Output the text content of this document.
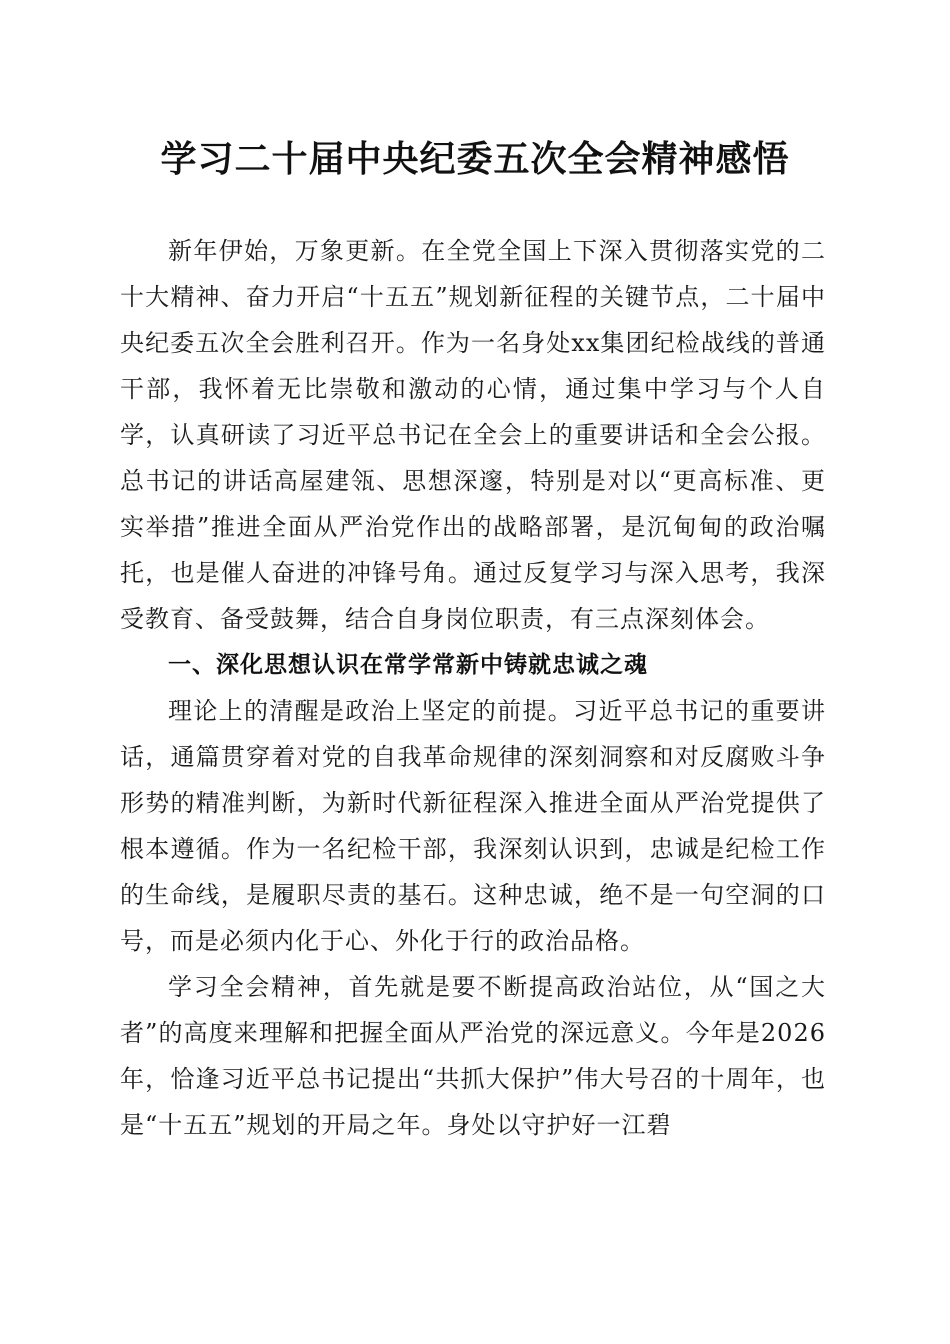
学习二十届中央纪委五次全会精神感悟

新年伊始，万象更新。在全党全国上下深入贯彻落实党的二十大精神、奋力开启“十五五”规划新征程的关键节点，二十届中央纪委五次全会胜利召开。作为一名身处xx集团纪检战线的普通干部，我怀着无比崇敬和激动的心情，通过集中学习与个人自学，认真研读了习近平总书记在全会上的重要讲话和全会公报。总书记的讲话高屋建瓴、思想深邃，特别是对以“更高标准、更实举措”推进全面从严治党作出的战略部署，是沉甸甸的政治嘱托，也是催人奋进的冲锋号角。通过反复学习与深入思考，我深受教育、备受鼓舞，结合自身岗位职责，有三点深刻体会。

一、深化思想认识在常学常新中铸就忠诚之魂

理论上的清醒是政治上坚定的前提。习近平总书记的重要讲话，通篇贯穿着对党的自我革命规律的深刻洞察和对反腐败斗争形势的精准判断，为新时代新征程深入推进全面从严治党提供了根本遵循。作为一名纪检干部，我深刻认识到，忠诚是纪检工作的生命线，是履职尽责的基石。这种忠诚，绝不是一句空洞的口号，而是必须内化于心、外化于行的政治品格。

学习全会精神，首先就是要不断提高政治站位，从“国之大者”的高度来理解和把握全面从严治党的深远意义。今年是2026年，恰逢习近平总书记提出“共抓大保护”伟大号召的十周年，也是“十五五”规划的开局之年。身处以守护好一江碧
